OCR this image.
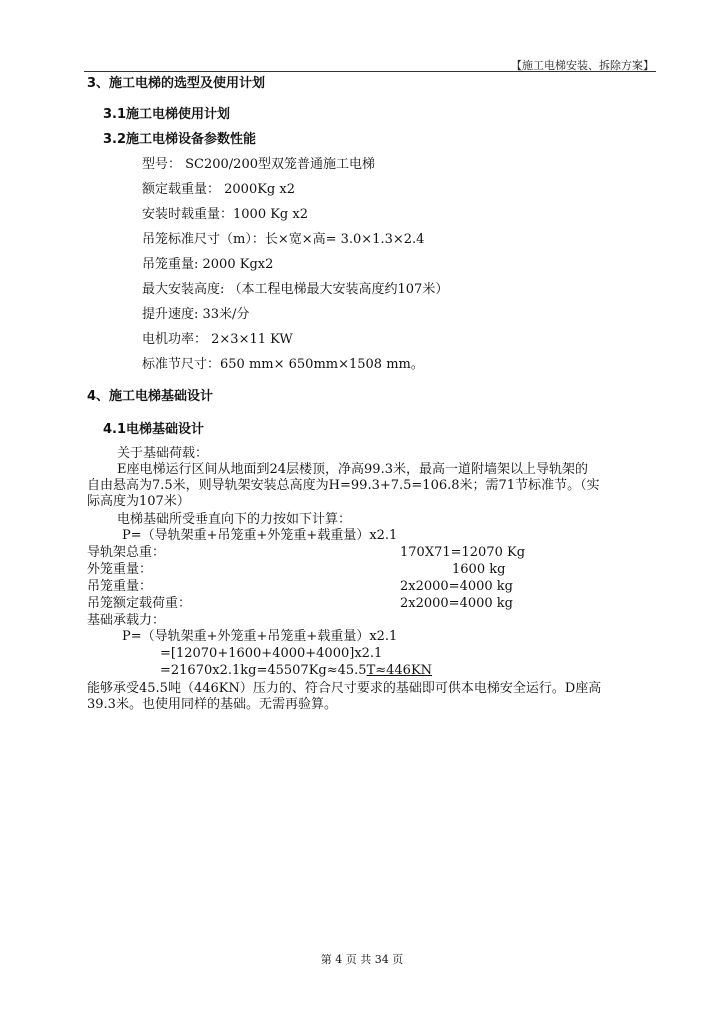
【施工电梯安装、拆除方案】
3、施工电梯的选型及使用计划
3.1施工电梯使用计划
3.2施工电梯设备参数性能
型号： SC200/200型双笼普通施工电梯
额定载重量： 2000Kg x2
安装时载重量：1000 Kg x2
吊笼标准尺寸（m）：长×宽×高= 3.0×1.3×2.4
吊笼重量: 2000 Kgx2
最大安装高度: （本工程电梯最大安装高度约107米）
提升速度: 33米/分
电机功率： 2×3×11 KW
标准节尺寸：650 mm× 650mm×1508 mm。
4、施工电梯基础设计
4.1电梯基础设计
关于基础荷载：
E座电梯运行区间从地面到24层楼顶，净高99.3米，最高一道附墙架以上导轨架的
自由悬高为7.5米，则导轨架安装总高度为H=99.3+7.5=106.8米；需71节标准节。（实
际高度为107米）
电梯基础所受垂直向下的力按如下计算：
P=（导轨架重+吊笼重+外笼重+载重量）x2.1
导轨架总重：	170X71=12070 Kg
外笼重量：	1600 kg
吊笼重量：	2x2000=4000 kg
吊笼额定载荷重：	2x2000=4000 kg
基础承载力：
P=（导轨架重+外笼重+吊笼重+载重量）x2.1
=[12070+1600+4000+4000]x2.1
=21670x2.1kg=45507Kg≈45.5T≈446KN
能够承受45.5吨（446KN）压力的、符合尺寸要求的基础即可供本电梯安全运行。D座高
39.3米。也使用同样的基础。无需再验算。
第 4 页 共 34 页
